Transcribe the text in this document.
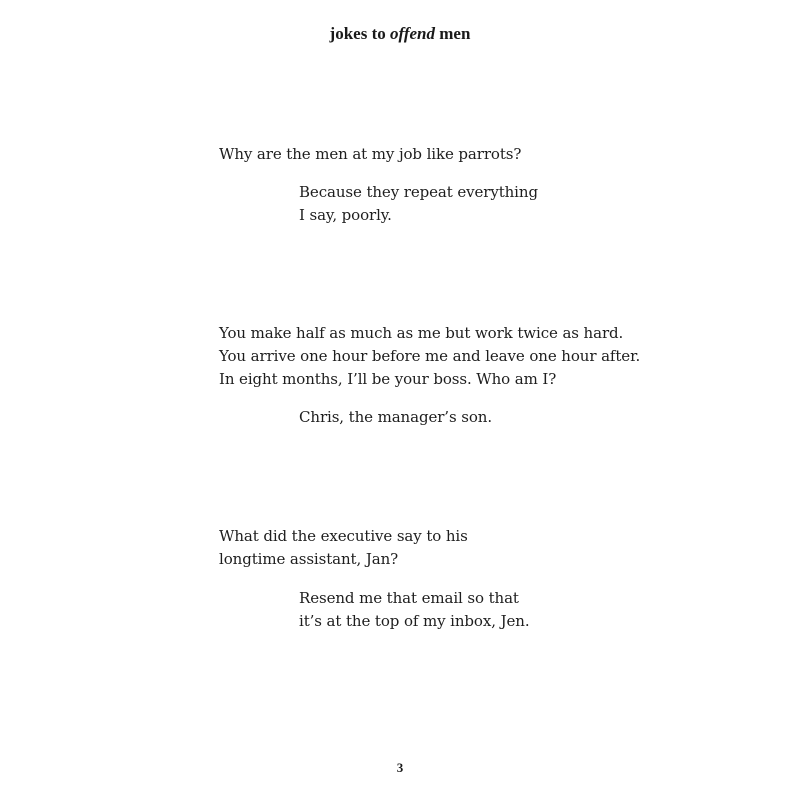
jokes to offend men
Why are the men at my job like parrots?
Because they repeat everything
I say, poorly.
You make half as much as me but work twice as hard.
You arrive one hour before me and leave one hour after.
In eight months, I’ll be your boss. Who am I?
Chris, the manager’s son.
What did the executive say to his
longtime assistant, Jan?
Resend me that email so that
it’s at the top of my inbox, Jen.
3
